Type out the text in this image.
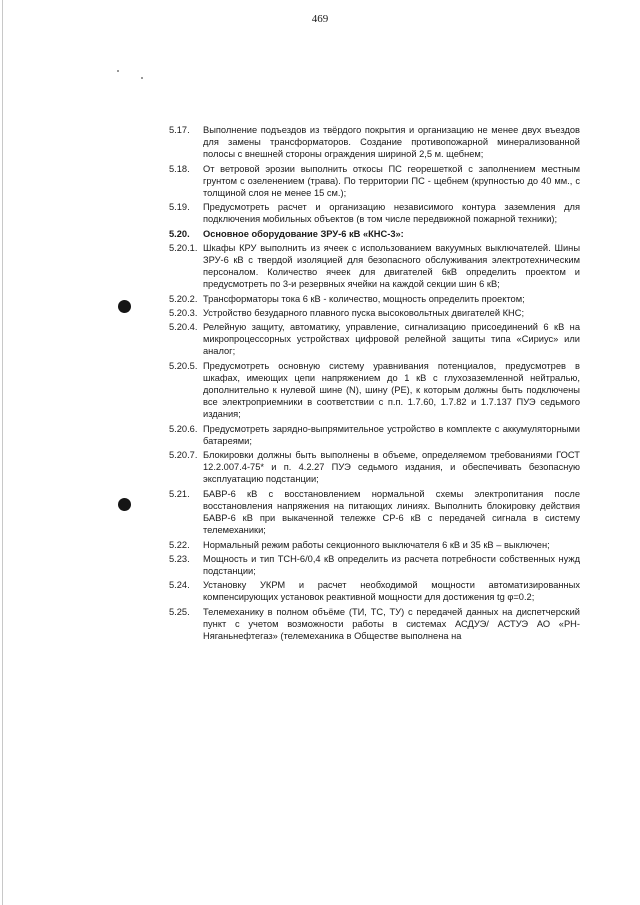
469
5.17.	Выполнение подъездов из твёрдого покрытия и организацию не менее двух въездов для замены трансформаторов. Создание противопожарной минерализованной полосы с внешней стороны ограждения шириной 2,5 м. щебнем;
5.18.	От ветровой эрозии выполнить откосы ПС георешеткой с заполнением местным грунтом с озеленением (трава). По территории ПС - щебнем (крупностью до 40 мм., с толщиной слоя не менее 15 см.);
5.19.	Предусмотреть расчет и организацию независимого контура заземления для подключения мобильных объектов (в том числе передвижной пожарной техники);
5.20.	Основное оборудование ЗРУ-6 кВ «КНС-3»:
5.20.1. Шкафы КРУ выполнить из ячеек с использованием вакуумных выключателей. Шины ЗРУ-6 кВ с твердой изоляцией для безопасного обслуживания электротехническим персоналом. Количество ячеек для двигателей 6кВ определить проектом и предусмотреть по 3-и резервных ячейки на каждой секции шин 6 кВ;
5.20.2. Трансформаторы тока 6 кВ - количество, мощность определить проектом;
5.20.3. Устройство безударного плавного пуска высоковольтных двигателей КНС;
5.20.4. Релейную защиту, автоматику, управление, сигнализацию присоединений 6 кВ на микропроцессорных устройствах цифровой релейной защиты типа «Сириус» или аналог;
5.20.5. Предусмотреть основную систему уравнивания потенциалов, предусмотрев в шкафах, имеющих цепи напряжением до 1 кВ с глухозаземленной нейтралью, дополнительно к нулевой шине (N), шину (РЕ), к которым должны быть подключены все электроприемники в соответствии с п.п. 1.7.60, 1.7.82 и 1.7.137 ПУЭ седьмого издания;
5.20.6. Предусмотреть зарядно-выпрямительное устройство в комплекте с аккумуляторными батареями;
5.20.7. Блокировки должны быть выполнены в объеме, определяемом требованиями ГОСТ 12.2.007.4-75* и п. 4.2.27 ПУЭ седьмого издания, и обеспечивать безопасную эксплуатацию подстанции;
5.21.	БАВР-6 кВ с восстановлением нормальной схемы электропитания после восстановления напряжения на питающих линиях. Выполнить блокировку действия БАВР-6 кВ при выкаченной тележке СР-6 кВ с передачей сигнала в систему телемеханики;
5.22.	Нормальный режим работы секционного выключателя 6 кВ и 35 кВ – выключен;
5.23.	Мощность и тип ТСН-6/0,4 кВ определить из расчета потребности собственных нужд подстанции;
5.24.	Установку УКРМ и расчет необходимой мощности автоматизированных компенсирующих установок реактивной мощности для достижения tg φ=0.2;
5.25.	Телемеханику в полном объёме (ТИ, ТС, ТУ) с передачей данных на диспетчерский пункт с учетом возможности работы в системах АСДУЭ/ АСТУЭ АО «РН-Няганьнефтегаз» (телемеханика в Обществе выполнена на
